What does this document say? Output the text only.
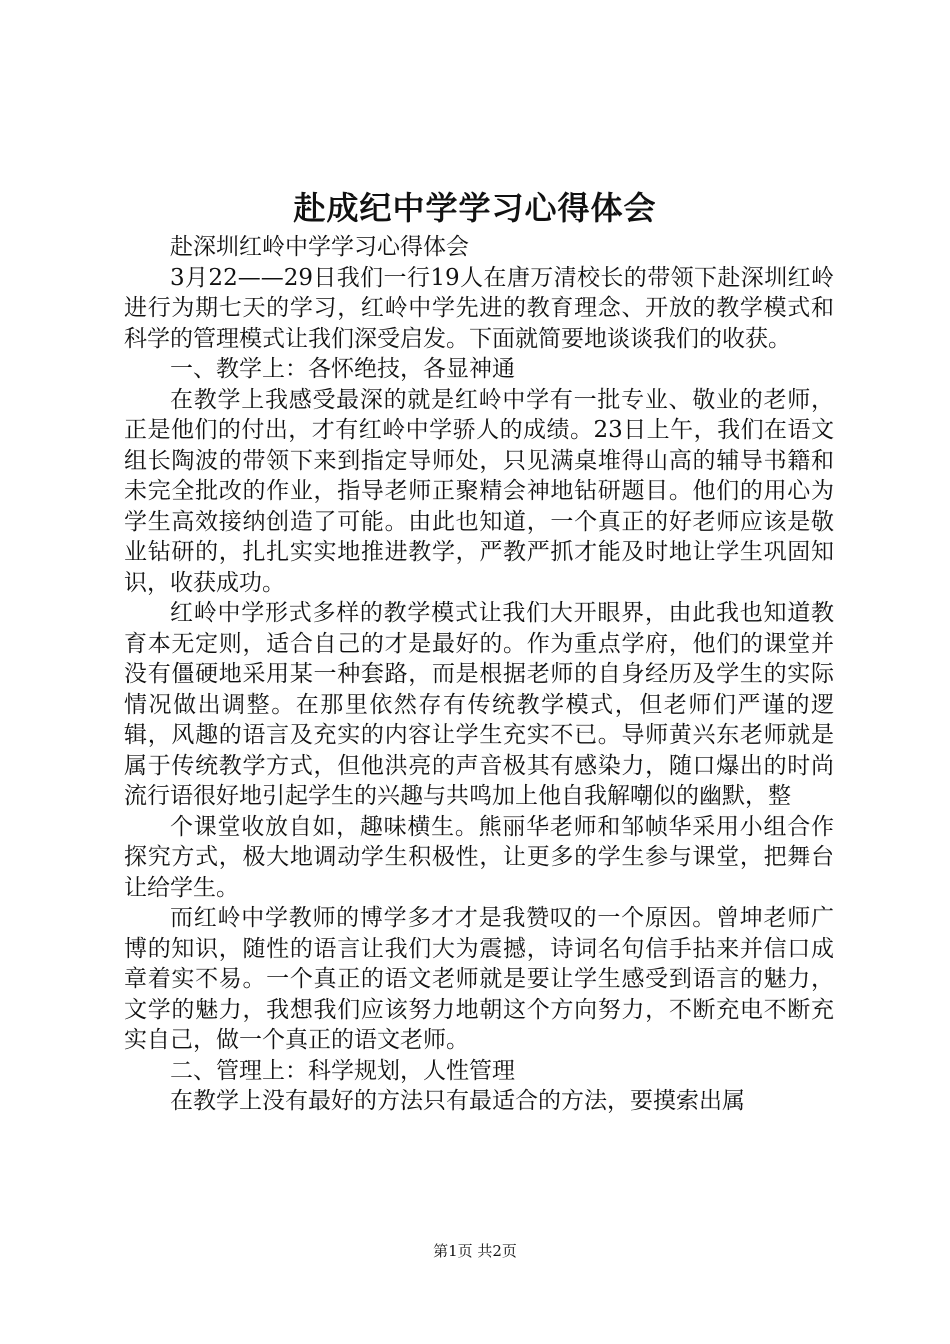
赴成纪中学学习心得体会

赴深圳红岭中学学习心得体会

3月22——29日我们一行19人在唐万清校长的带领下赴深圳红岭进行为期七天的学习，红岭中学先进的教育理念、开放的教学模式和科学的管理模式让我们深受启发。下面就简要地谈谈我们的收获。

一、教学上：各怀绝技，各显神通

在教学上我感受最深的就是红岭中学有一批专业、敬业的老师，正是他们的付出，才有红岭中学骄人的成绩。23日上午，我们在语文组长陶波的带领下来到指定导师处，只见满桌堆得山高的辅导书籍和未完全批改的作业，指导老师正聚精会神地钻研题目。他们的用心为学生高效接纳创造了可能。由此也知道，一个真正的好老师应该是敬业钻研的，扎扎实实地推进教学，严教严抓才能及时地让学生巩固知识，收获成功。

红岭中学形式多样的教学模式让我们大开眼界，由此我也知道教育本无定则，适合自己的才是最好的。作为重点学府，他们的课堂并没有僵硬地采用某一种套路，而是根据老师的自身经历及学生的实际情况做出调整。在那里依然存有传统教学模式，但老师们严谨的逻辑，风趣的语言及充实的内容让学生充实不已。导师黄兴东老师就是属于传统教学方式，但他洪亮的声音极其有感染力，随口爆出的时尚流行语很好地引起学生的兴趣与共鸣加上他自我解嘲似的幽默，整

个课堂收放自如，趣味横生。熊丽华老师和邹帧华采用小组合作探究方式，极大地调动学生积极性，让更多的学生参与课堂，把舞台让给学生。

而红岭中学教师的博学多才才是我赞叹的一个原因。曾坤老师广博的知识，随性的语言让我们大为震撼，诗词名句信手拈来并信口成章着实不易。一个真正的语文老师就是要让学生感受到语言的魅力，文学的魅力，我想我们应该努力地朝这个方向努力，不断充电不断充实自己，做一个真正的语文老师。

二、管理上：科学规划，人性管理

在教学上没有最好的方法只有最适合的方法，要摸索出属

第1页 共2页
